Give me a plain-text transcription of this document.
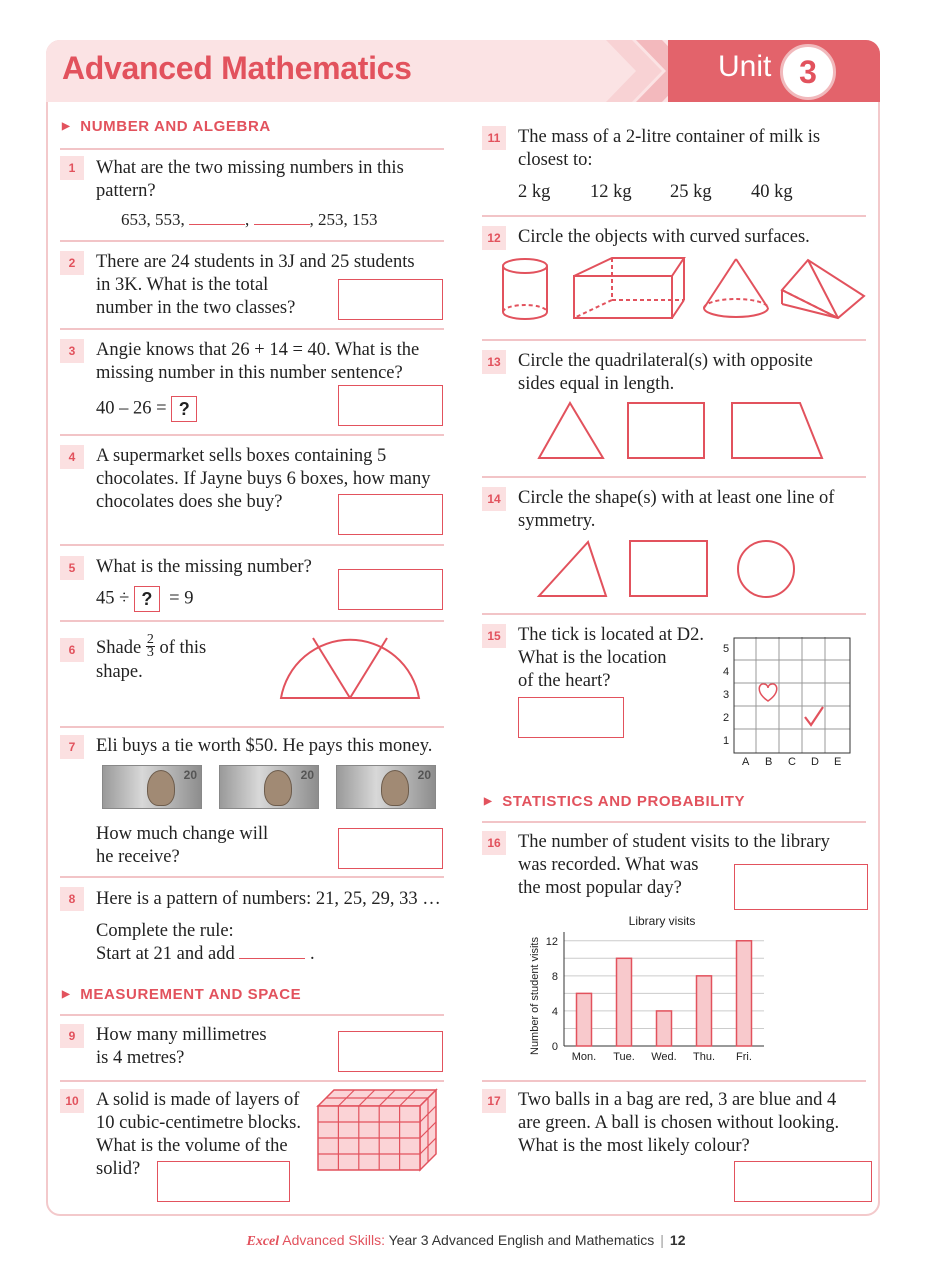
Advanced Mathematics	Unit 3
▶ NUMBER AND ALGEBRA
1	What are the two missing numbers in this
pattern?
653, 553,	,	, 253, 153
2	There are 24 students in 3J and 25 students
in 3K. What is the total
number in the two classes?
3	Angie knows that 26 + 14 = 40. What is the
missing number in this number sentence?
40 – 26 = ?
4	A supermarket sells boxes containing 5
chocolates. If Jayne buys 6 boxes, how many
chocolates does she buy?
5	What is the missing number?
45 ÷ ? = 9
6	Shade $\frac{2}{3}$ of this
shape.
7	Eli buys a tie worth $50. He pays this money.
20	20	20
How much change will
he receive?
8	Here is a pattern of numbers: 21, 25, 29, 33 …
Complete the rule:
Start at 21 and add	.
▶ MEASUREMENT AND SPACE
9	How many millimetres
is 4 metres?
10 A solid is made of layers of
10 cubic-centimetre blocks.
What is the volume of the
solid?
11 The mass of a 2-litre container of milk is
closest to:
2 kg 12 kg 25 kg 40 kg
12 Circle the objects with curved surfaces.
13 Circle the quadrilateral(s) with opposite
sides equal in length.
14 Circle the shape(s) with at least one line of
symmetry.
15 The tick is located at D2.
What is the location
of the heart?
5
4
3
2
1
A B C D E
▶ STATISTICS AND PROBABILITY
16 The number of student visits to the library
was recorded. What was
the most popular day?
Library visits
Number of student visits 0
4
8
12
Mon. Tue. Wed. Thu. Fri.
17 Two balls in a bag are red, 3 are blue and 4
are green. A ball is chosen without looking.
What is the most likely colour?
Excel Advanced Skills: Year 3 Advanced English and Mathematics | 12
